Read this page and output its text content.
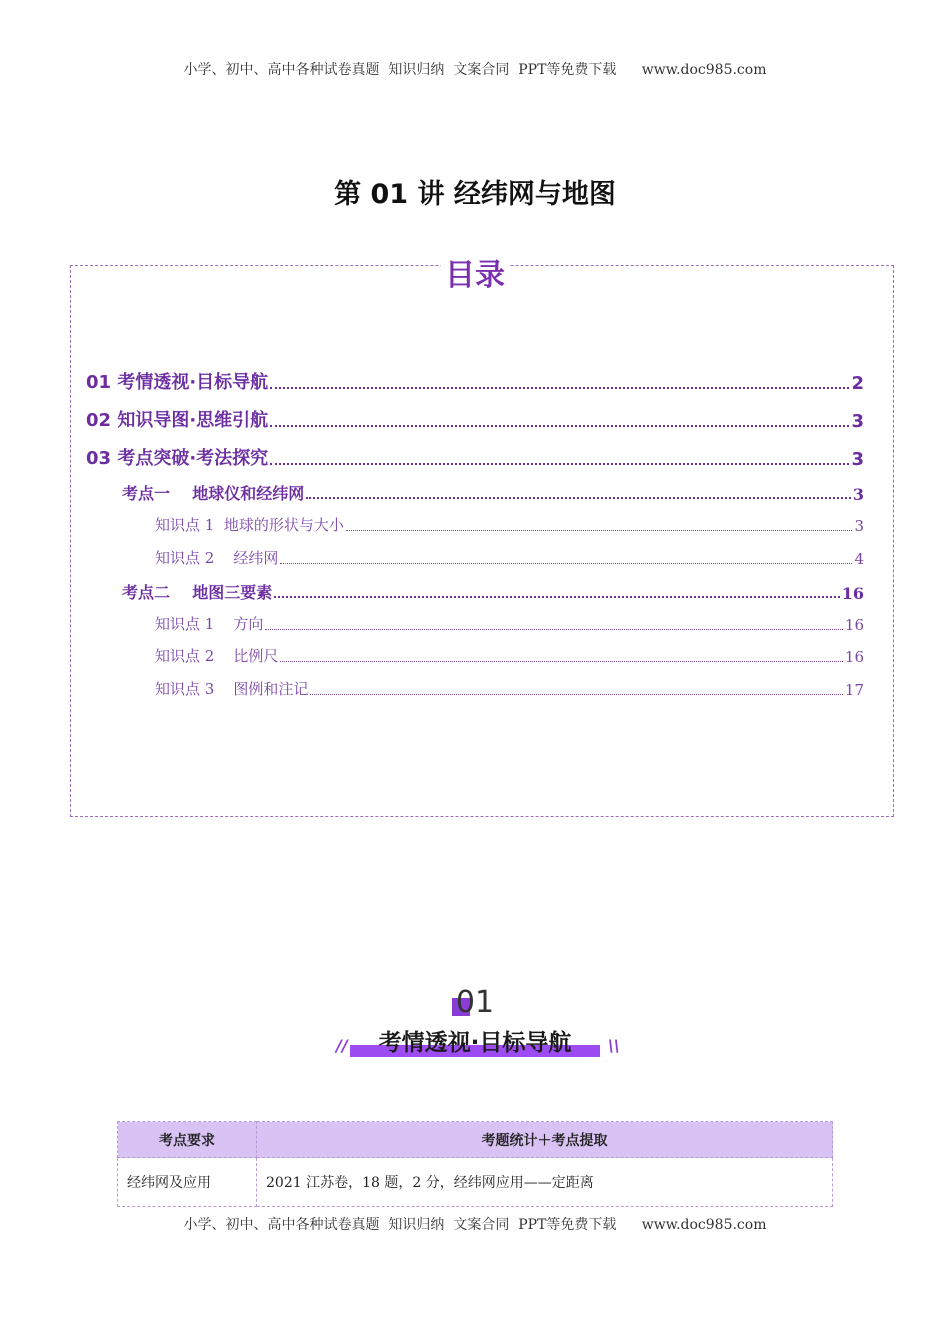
小学、初中、高中各种试卷真题  知识归纳  文案合同  PPT等免费下载 www.doc985.com
第 01 讲 经纬网与地图
目录
01 考情透视·目标导航	2
02 知识导图·思维引航	3
03 考点突破·考法探究	3
考点一    地球仪和经纬网	3
知识点 1  地球的形状与大小	3
知识点 2    经纬网	4
考点二    地图三要素	16
知识点 1    方向	16
知识点 2    比例尺	16
知识点 3    图例和注记	17
01
//	考情透视·目标导航	\\
考点要求	考题统计＋考点提取
经纬网及应用	2021 江苏卷，18 题，2 分，经纬网应用——定距离
小学、初中、高中各种试卷真题  知识归纳  文案合同  PPT等免费下载 www.doc985.com
